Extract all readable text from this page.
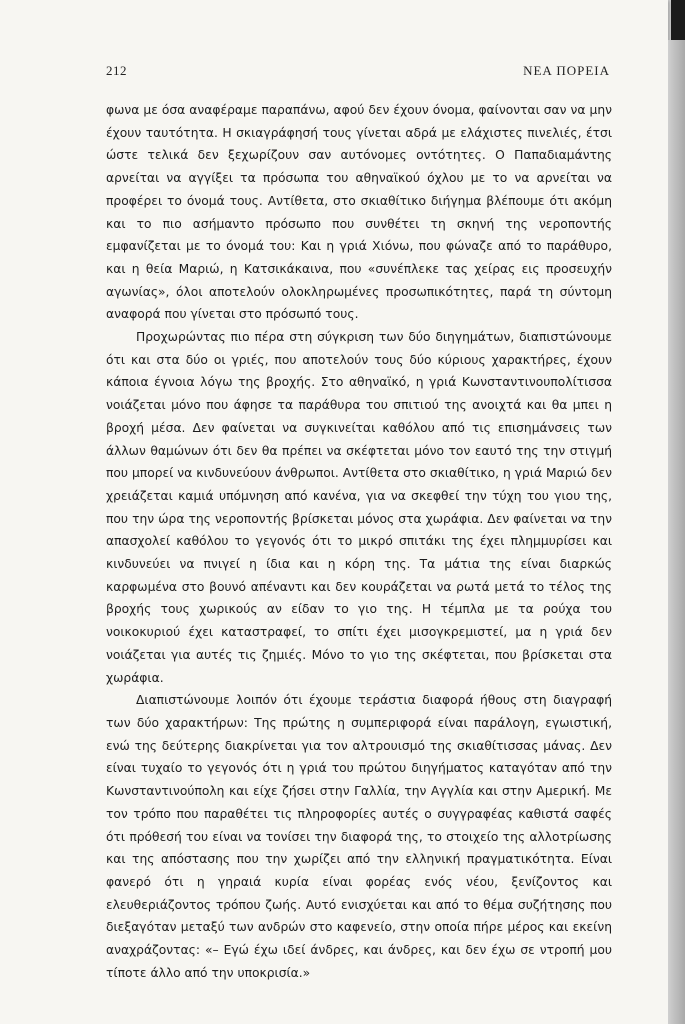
212	ΝΕΑ ΠΟΡΕΙΑ

φωνα με όσα αναφέραμε παραπάνω, αφού δεν έχουν όνομα, φαίνονται σαν να μην έχουν ταυτότητα. Η σκιαγράφησή τους γίνεται αδρά με ελάχιστες πινελιές, έτσι ώστε τελικά δεν ξεχωρίζουν σαν αυτόνομες οντότητες. Ο Παπαδιαμάντης αρνείται να αγγίξει τα πρόσωπα του αθηναϊκού όχλου με το να αρνείται να προφέρει το όνομά τους. Αντίθετα, στο σκιαθίτικο διήγημα βλέπουμε ότι ακόμη και το πιο ασήμαντο πρόσωπο που συνθέτει τη σκηνή της νεροποντής εμφανίζεται με το όνομά του: Και η γριά Χιόνω, που φώναζε από το παράθυρο, και η θεία Μαριώ, η Κατσικάκαινα, που «συνέπλεκε τας χείρας εις προσευχήν αγωνίας», όλοι αποτελούν ολοκληρωμένες προσωπικότητες, παρά τη σύντομη αναφορά που γίνεται στο πρόσωπό τους.

Προχωρώντας πιο πέρα στη σύγκριση των δύο διηγημάτων, διαπιστώνουμε ότι και στα δύο οι γριές, που αποτελούν τους δύο κύριους χαρακτήρες, έχουν κάποια έγνοια λόγω της βροχής. Στο αθηναϊκό, η γριά Κωνσταντινουπολίτισσα νοιάζεται μόνο που άφησε τα παράθυρα του σπιτιού της ανοιχτά και θα μπει η βροχή μέσα. Δεν φαίνεται να συγκινείται καθόλου από τις επισημάνσεις των άλλων θαμώνων ότι δεν θα πρέπει να σκέφτεται μόνο τον εαυτό της την στιγμή που μπορεί να κινδυνεύουν άνθρωποι. Αντίθετα στο σκιαθίτικο, η γριά Μαριώ δεν χρειάζεται καμιά υπόμνηση από κανένα, για να σκεφθεί την τύχη του γιου της, που την ώρα της νεροποντής βρίσκεται μόνος στα χωράφια. Δεν φαίνεται να την απασχολεί καθόλου το γεγονός ότι το μικρό σπιτάκι της έχει πλημμυρίσει και κινδυνεύει να πνιγεί η ίδια και η κόρη της. Τα μάτια της είναι διαρκώς καρφωμένα στο βουνό απέναντι και δεν κουράζεται να ρωτά μετά το τέλος της βροχής τους χωρικούς αν είδαν το γιο της. Η τέμπλα με τα ρούχα του νοικοκυριού έχει καταστραφεί, το σπίτι έχει μισογκρεμιστεί, μα η γριά δεν νοιάζεται για αυτές τις ζημιές. Μόνο το γιο της σκέφτεται, που βρίσκεται στα χωράφια.

Διαπιστώνουμε λοιπόν ότι έχουμε τεράστια διαφορά ήθους στη διαγραφή των δύο χαρακτήρων: Της πρώτης η συμπεριφορά είναι παράλογη, εγωιστική, ενώ της δεύτερης διακρίνεται για τον αλτρουισμό της σκιαθίτισσας μάνας. Δεν είναι τυχαίο το γεγονός ότι η γριά του πρώτου διηγήματος καταγόταν από την Κωνσταντινούπολη και είχε ζήσει στην Γαλλία, την Αγγλία και στην Αμερική. Με τον τρόπο που παραθέτει τις πληροφορίες αυτές ο συγγραφέας καθιστά σαφές ότι πρόθεσή του είναι να τονίσει την διαφορά της, το στοιχείο της αλλοτρίωσης και της απόστασης που την χωρίζει από την ελληνική πραγματικότητα. Είναι φανερό ότι η γηραιά κυρία είναι φορέας ενός νέου, ξενίζοντος και ελευθεριάζοντος τρόπου ζωής. Αυτό ενισχύεται και από το θέμα συζήτησης που διεξαγόταν μεταξύ των ανδρών στο καφενείο, στην οποία πήρε μέρος και εκείνη αναχράζοντας: «– Εγώ έχω ιδεί άνδρες, και άνδρες, και δεν έχω σε ντροπή μου τίποτε άλλο από την υποκρισία.»
